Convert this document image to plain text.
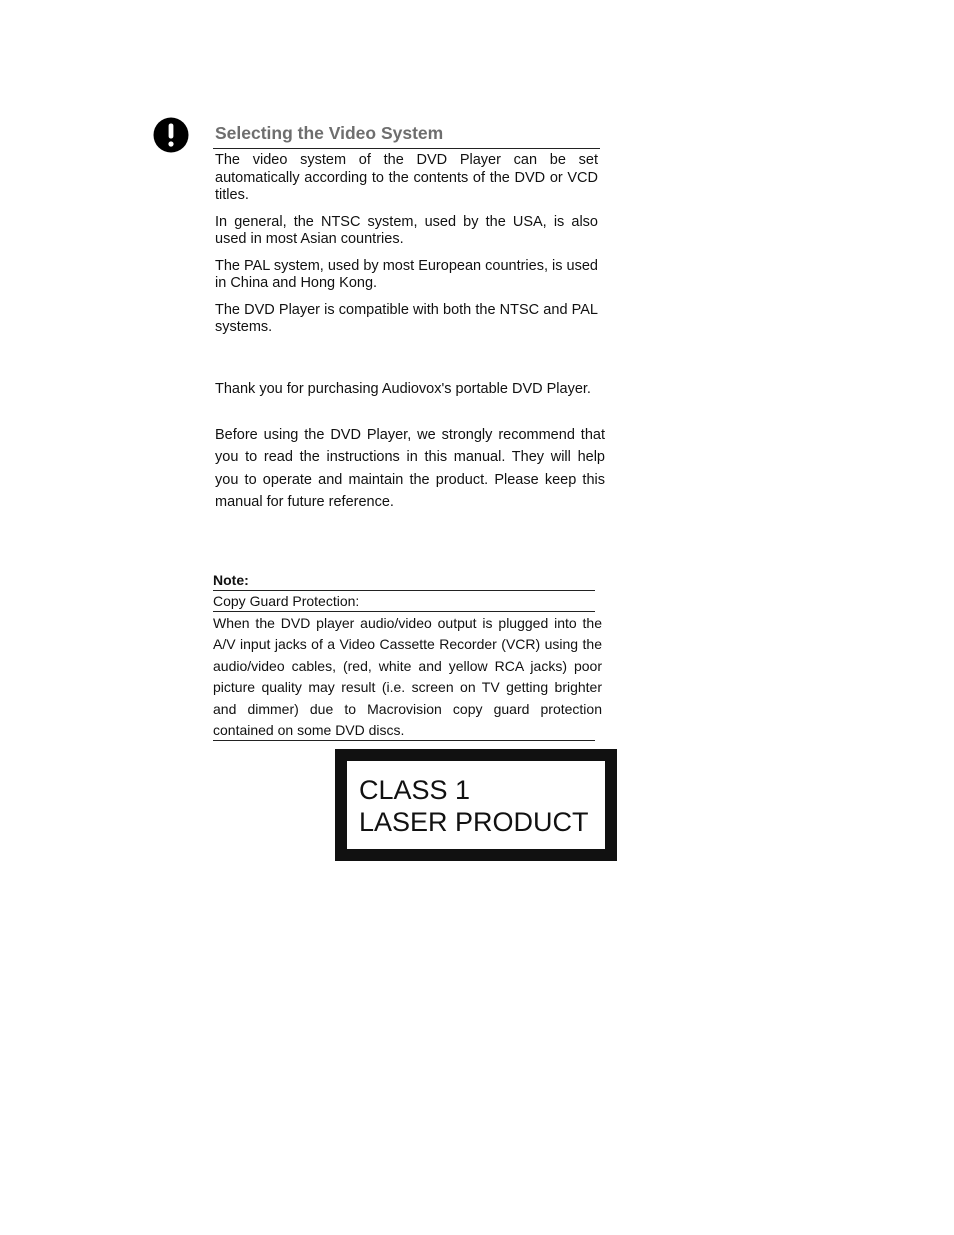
Selecting the Video System

The video system of the DVD Player can be set automatically according to the contents of the DVD or VCD titles.

In general, the NTSC system, used by the USA, is also used in most Asian countries.

The PAL system, used by most European countries, is used in China and Hong Kong.

The DVD Player is compatible with both the NTSC and PAL systems.

Thank you for purchasing Audiovox's portable DVD Player.

Before using the DVD Player, we strongly recommend that you to read the instructions in this manual. They will help you to operate and maintain the product. Please keep this manual for future reference.

Note:
Copy Guard Protection:
When the DVD player audio/video output is plugged into the A/V input jacks of a Video Cassette Recorder (VCR) using the audio/video cables, (red, white and yellow RCA jacks) poor picture quality may result (i.e. screen on TV getting brighter and dimmer) due to Macrovision copy guard protection contained on some DVD discs.
CLASS 1
LASER PRODUCT
